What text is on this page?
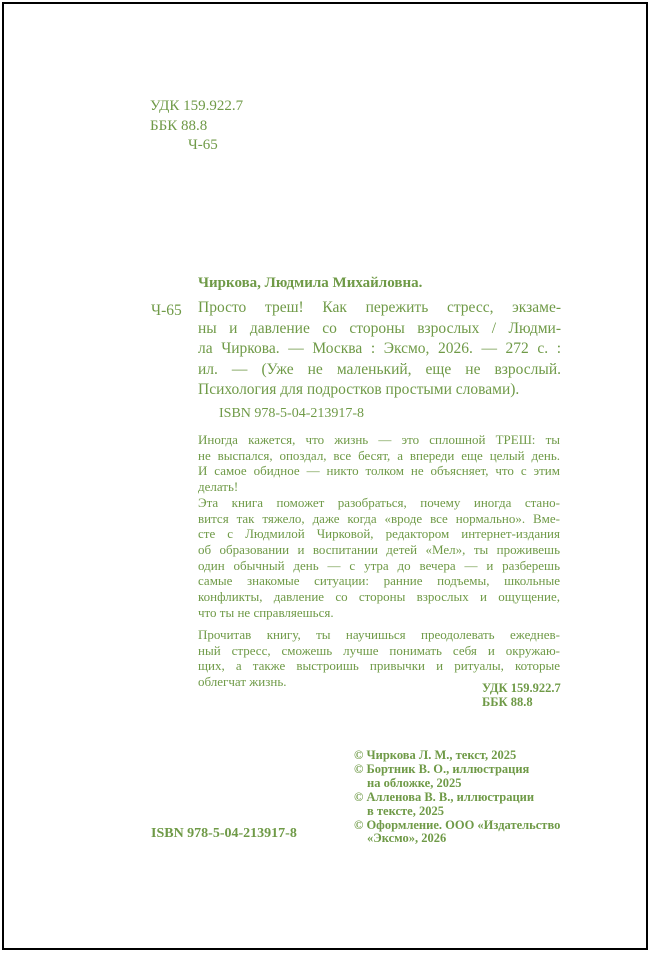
УДК 159.922.7

ББК 88.8

Ч-65

Чиркова, Людмила Михайловна.

Ч-65 Просто треш! Как пережить стресс, экзаме-
ны и давление со стороны взрослых / Людми-
ла Чиркова. — Москва : Эксмо, 2026. — 272 с. :
ил. — (Уже не маленький, еще не взрослый.
Психология для подростков простыми словами).

ISBN 978-5-04-213917-8

Иногда кажется, что жизнь — это сплошной ТРЕШ: ты
не выспался, опоздал, все бесят, а впереди еще целый день.
И самое обидное — никто толком не объясняет, что с этим
делать!
Эта книга поможет разобраться, почему иногда стано-
вится так тяжело, даже когда «вроде все нормально». Вме-
сте с Людмилой Чирковой, редактором интернет-издания
об образовании и воспитании детей «Мел», ты проживешь
один обычный день — с утра до вечера — и разберешь
самые знакомые ситуации: ранние подъемы, школьные
конфликты, давление со стороны взрослых и ощущение,
что ты не справляешься.
Прочитав книгу, ты научишься преодолевать ежеднев-
ный стресс, сможешь лучше понимать себя и окружаю-
щих, а также выстроишь привычки и ритуалы, которые
облегчат жизнь.	УДК 159.922.7

ББК 88.8

© Чиркова Л. М., текст, 2025
© Бортник В. О., иллюстрация
на обложке, 2025
© Алленова В. В., иллюстрации
в тексте, 2025
© Оформление. ООО «Издательство
«Эксмо», 2026

ISBN 978-5-04-213917-8
